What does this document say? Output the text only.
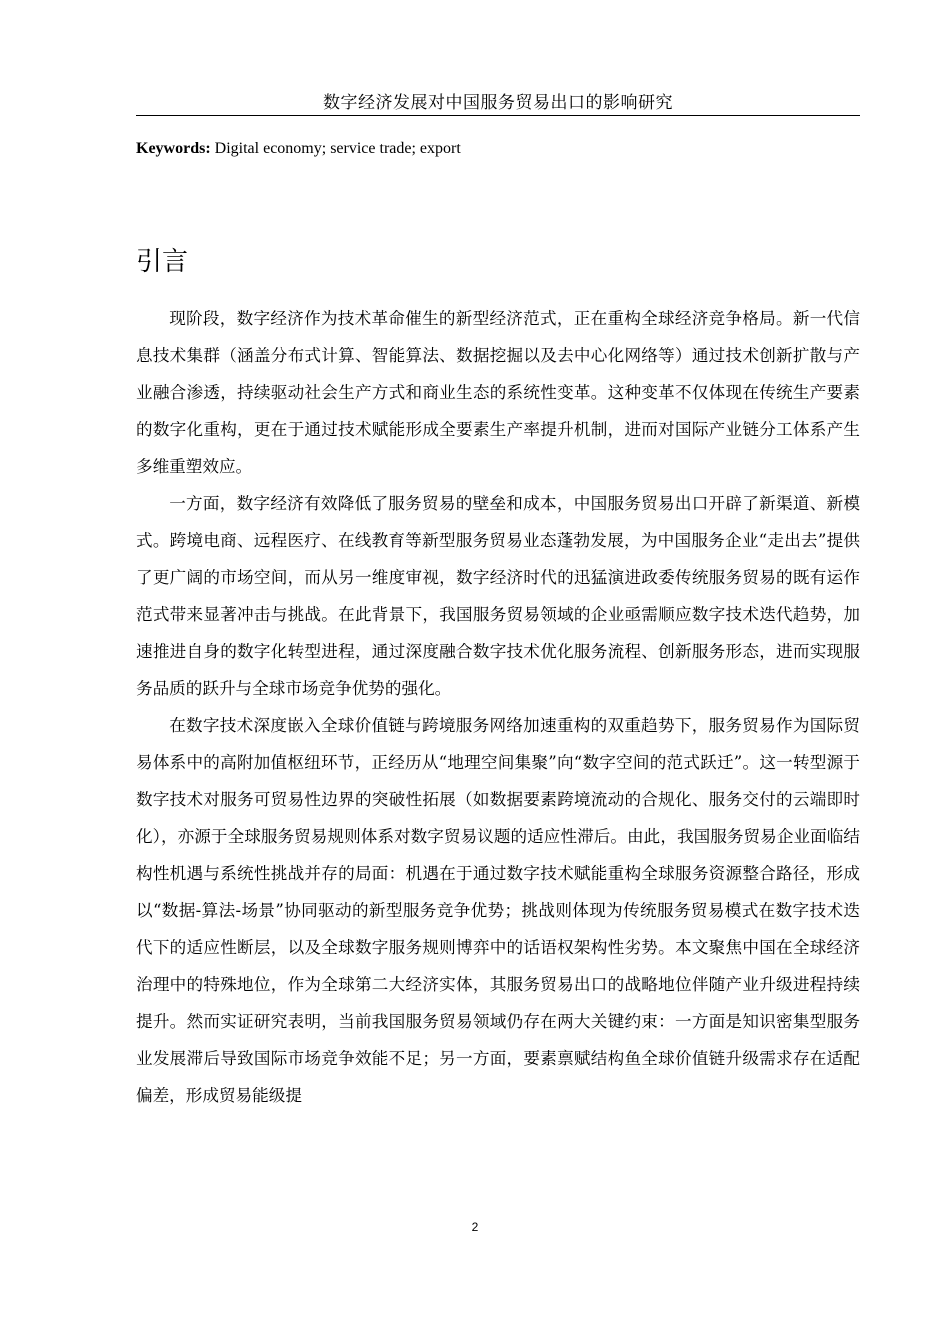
数字经济发展对中国服务贸易出口的影响研究
Keywords: Digital economy; service trade; export
引言

现阶段，数字经济作为技术革命催生的新型经济范式，正在重构全球经济竞争格局。新一代信息技术集群（涵盖分布式计算、智能算法、数据挖掘以及去中心化网络等）通过技术创新扩散与产业融合渗透，持续驱动社会生产方式和商业生态的系统性变革。这种变革不仅体现在传统生产要素的数字化重构，更在于通过技术赋能形成全要素生产率提升机制，进而对国际产业链分工体系产生多维重塑效应。

一方面，数字经济有效降低了服务贸易的壁垒和成本，中国服务贸易出口开辟了新渠道、新模式。跨境电商、远程医疗、在线教育等新型服务贸易业态蓬勃发展，为中国服务企业“走出去”提供了更广阔的市场空间，而从另一维度审视，数字经济时代的迅猛演进政委传统服务贸易的既有运作范式带来显著冲击与挑战。在此背景下，我国服务贸易领域的企业亟需顺应数字技术迭代趋势，加速推进自身的数字化转型进程，通过深度融合数字技术优化服务流程、创新服务形态，进而实现服务品质的跃升与全球市场竞争优势的强化。

在数字技术深度嵌入全球价值链与跨境服务网络加速重构的双重趋势下，服务贸易作为国际贸易体系中的高附加值枢纽环节，正经历从“地理空间集聚”向“数字空间的范式跃迁”。这一转型源于数字技术对服务可贸易性边界的突破性拓展（如数据要素跨境流动的合规化、服务交付的云端即时化），亦源于全球服务贸易规则体系对数字贸易议题的适应性滞后。由此，我国服务贸易企业面临结构性机遇与系统性挑战并存的局面：机遇在于通过数字技术赋能重构全球服务资源整合路径，形成以“数据-算法-场景”协同驱动的新型服务竞争优势；挑战则体现为传统服务贸易模式在数字技术迭代下的适应性断层，以及全球数字服务规则博弈中的话语权架构性劣势。本文聚焦中国在全球经济治理中的特殊地位，作为全球第二大经济实体，其服务贸易出口的战略地位伴随产业升级进程持续提升。然而实证研究表明，当前我国服务贸易领域仍存在两大关键约束：一方面是知识密集型服务业发展滞后导致国际市场竞争效能不足；另一方面，要素禀赋结构鱼全球价值链升级需求存在适配偏差，形成贸易能级提

2
